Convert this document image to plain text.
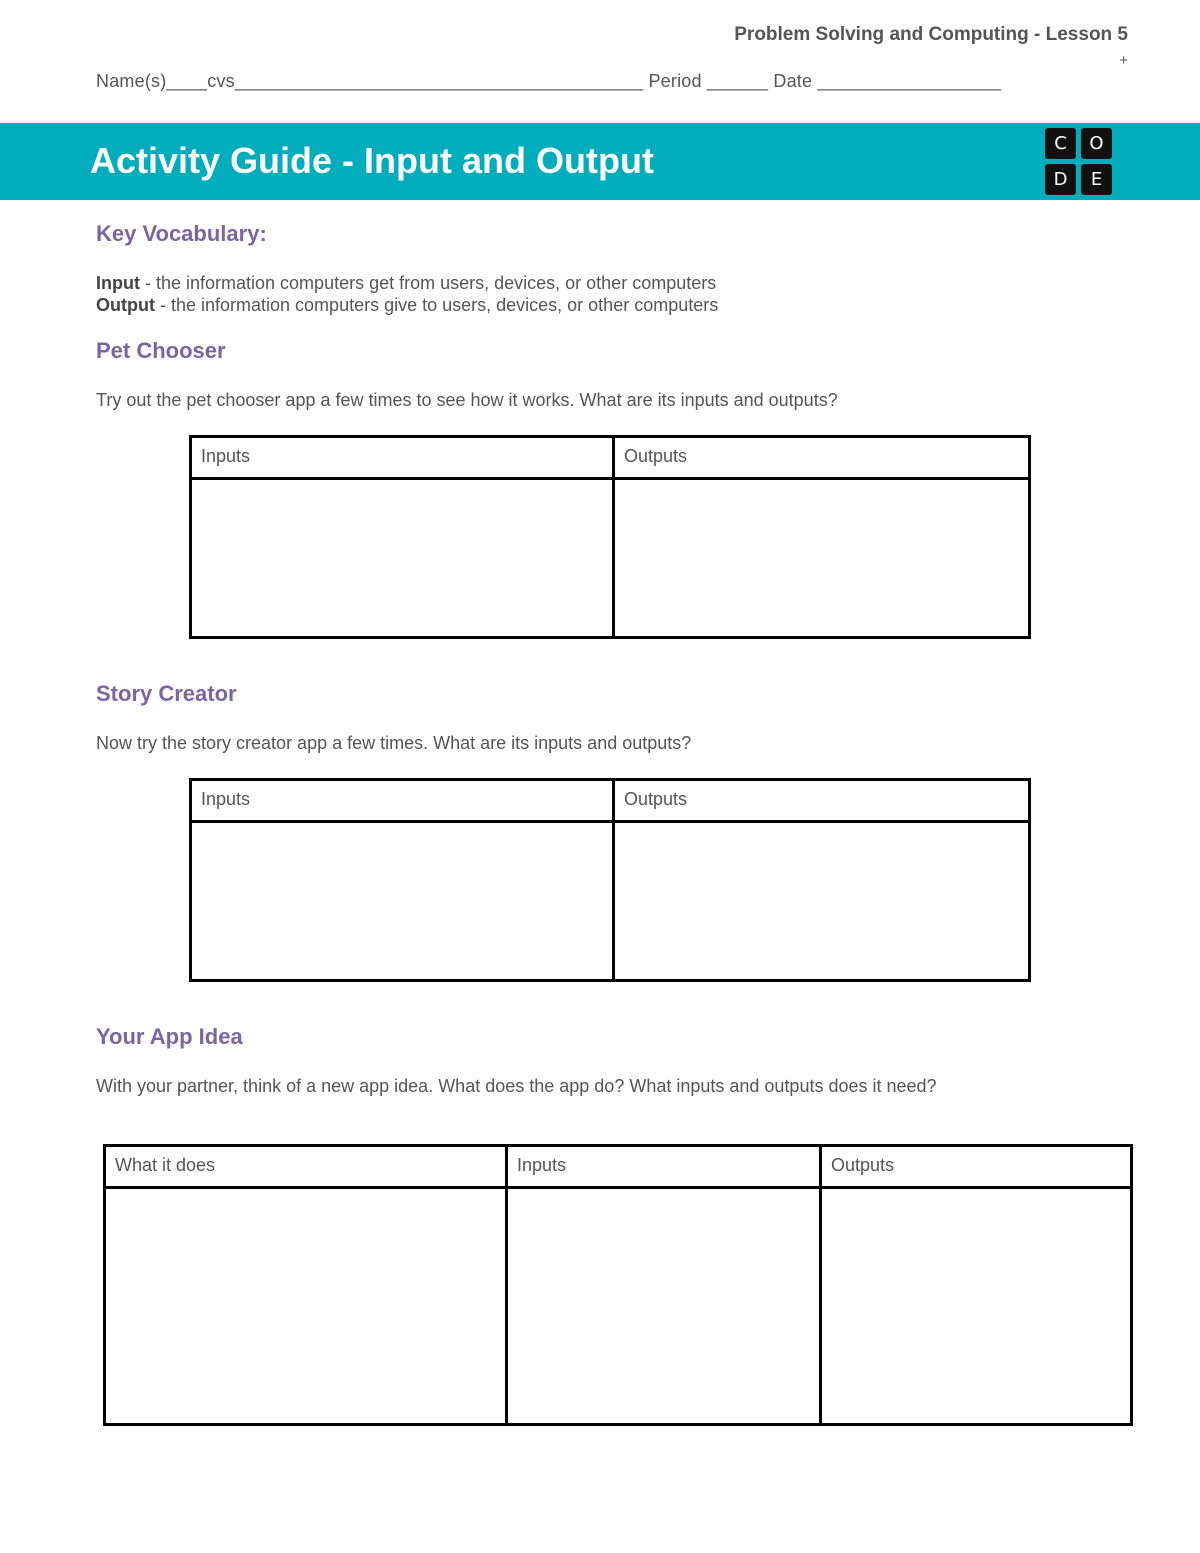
Problem Solving and Computing - Lesson 5
+
Name(s)____cvs________________________________________ Period ______ Date __________________
Activity Guide - Input and Output	C	O
D	E
Key Vocabulary:
Input - the information computers get from users, devices, or other computers
Output - the information computers give to users, devices, or other computers
Pet Chooser
Try out the pet chooser app a few times to see how it works. What are its inputs and outputs?
Inputs	Outputs

Story Creator
Now try the story creator app a few times. What are its inputs and outputs?
Inputs	Outputs

Your App Idea
With your partner, think of a new app idea. What does the app do? What inputs and outputs does it need?
What it does	Inputs	Outputs
